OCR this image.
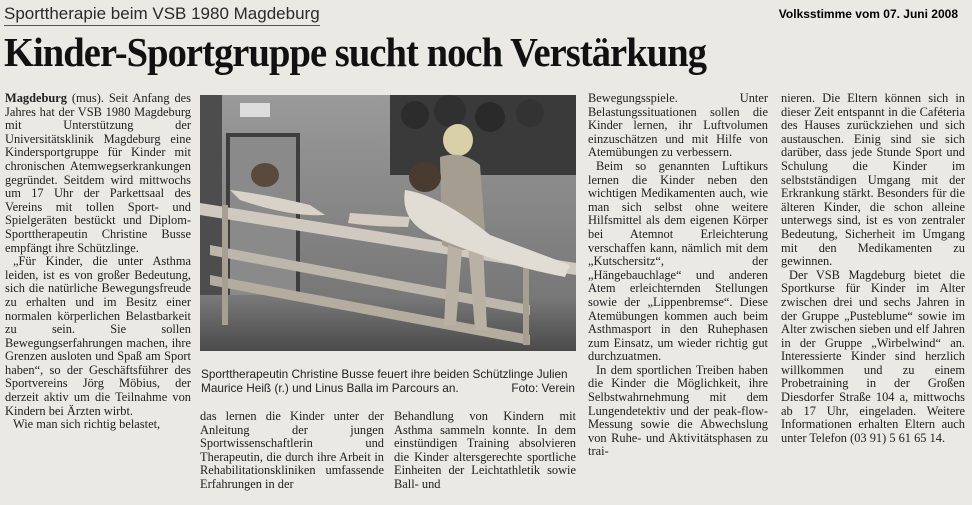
Sporttherapie beim VSB 1980 Magdeburg	Volksstimme vom 07. Juni 2008
Kinder-Sportgruppe sucht noch Verstärkung

Magdeburg (mus). Seit Anfang des Jahres hat der VSB 1980 Magdeburg mit Unterstützung der Universitätsklinik Magdeburg eine Kindersportgruppe für Kinder mit chronischen Atemwegserkrankungen gegründet. Seitdem wird mittwochs um 17 Uhr der Parkettsaal des Vereins mit tollen Sport- und Spielgeräten bestückt und Diplom-Sporttherapeutin Christine Busse empfängt ihre Schützlinge.

„Für Kinder, die unter Asthma leiden, ist es von großer Bedeutung, sich die natürliche Bewegungsfreude zu erhalten und im Besitz einer normalen körperlichen Belastbarkeit zu sein. Sie sollen Bewegungserfahrungen machen, ihre Grenzen ausloten und Spaß am Sport haben“, so der Geschäftsführer des Sportvereins Jörg Möbius, der derzeit aktiv um die Teilnahme von Kindern bei Ärzten wirbt.

Wie man sich richtig belastet,

Sporttherapeutin Christine Busse feuert ihre beiden Schützlinge Julien Maurice Heiß (r.) und Linus Balla im Parcours an.	Foto: Verein

das lernen die Kinder unter der Anleitung der jungen Sportwissenschaftlerin und Therapeutin, die durch ihre Arbeit in Rehabilitationskliniken umfassende Erfahrungen in der

Behandlung von Kindern mit Asthma sammeln konnte. In dem einstündigen Training absolvieren die Kinder altersgerechte sportliche Einheiten der Leichtathletik sowie Ball- und

Bewegungsspiele. Unter Belastungssituationen sollen die Kinder lernen, ihr Luftvolumen einzuschätzen und mit Hilfe von Atemübungen zu verbessern.

Beim so genannten Luftikurs lernen die Kinder neben den wichtigen Medikamenten auch, wie man sich selbst ohne weitere Hilfsmittel als dem eigenen Körper bei Atemnot Erleichterung verschaffen kann, nämlich mit dem „Kutschersitz“, der „Hängebauchlage“ und anderen Atem erleichternden Stellungen sowie der „Lippenbremse“. Diese Atemübungen kommen auch beim Asthmasport in den Ruhephasen zum Einsatz, um wieder richtig gut durchzuatmen.

In dem sportlichen Treiben haben die Kinder die Möglichkeit, ihre Selbstwahrnehmung mit dem Lungendetektiv und der peak-flow-Messung sowie die Abwechslung von Ruhe- und Aktivitätsphasen zu trai-

nieren. Die Eltern können sich in dieser Zeit entspannt in die Caféteria des Hauses zurückziehen und sich austauschen. Einig sind sie sich darüber, dass jede Stunde Sport und Schulung die Kinder im selbstständigen Umgang mit der Erkrankung stärkt. Besonders für die älteren Kinder, die schon alleine unterwegs sind, ist es von zentraler Bedeutung, Sicherheit im Umgang mit den Medikamenten zu gewinnen.

Der VSB Magdeburg bietet die Sportkurse für Kinder im Alter zwischen drei und sechs Jahren in der Gruppe „Pusteblume“ sowie im Alter zwischen sieben und elf Jahren in der Gruppe „Wirbelwind“ an. Interessierte Kinder sind herzlich willkommen und zu einem Probetraining in der Großen Diesdorfer Straße 104 a, mittwochs ab 17 Uhr, eingeladen. Weitere Informationen erhalten Eltern auch unter Telefon (03 91) 5 61 65 14.
